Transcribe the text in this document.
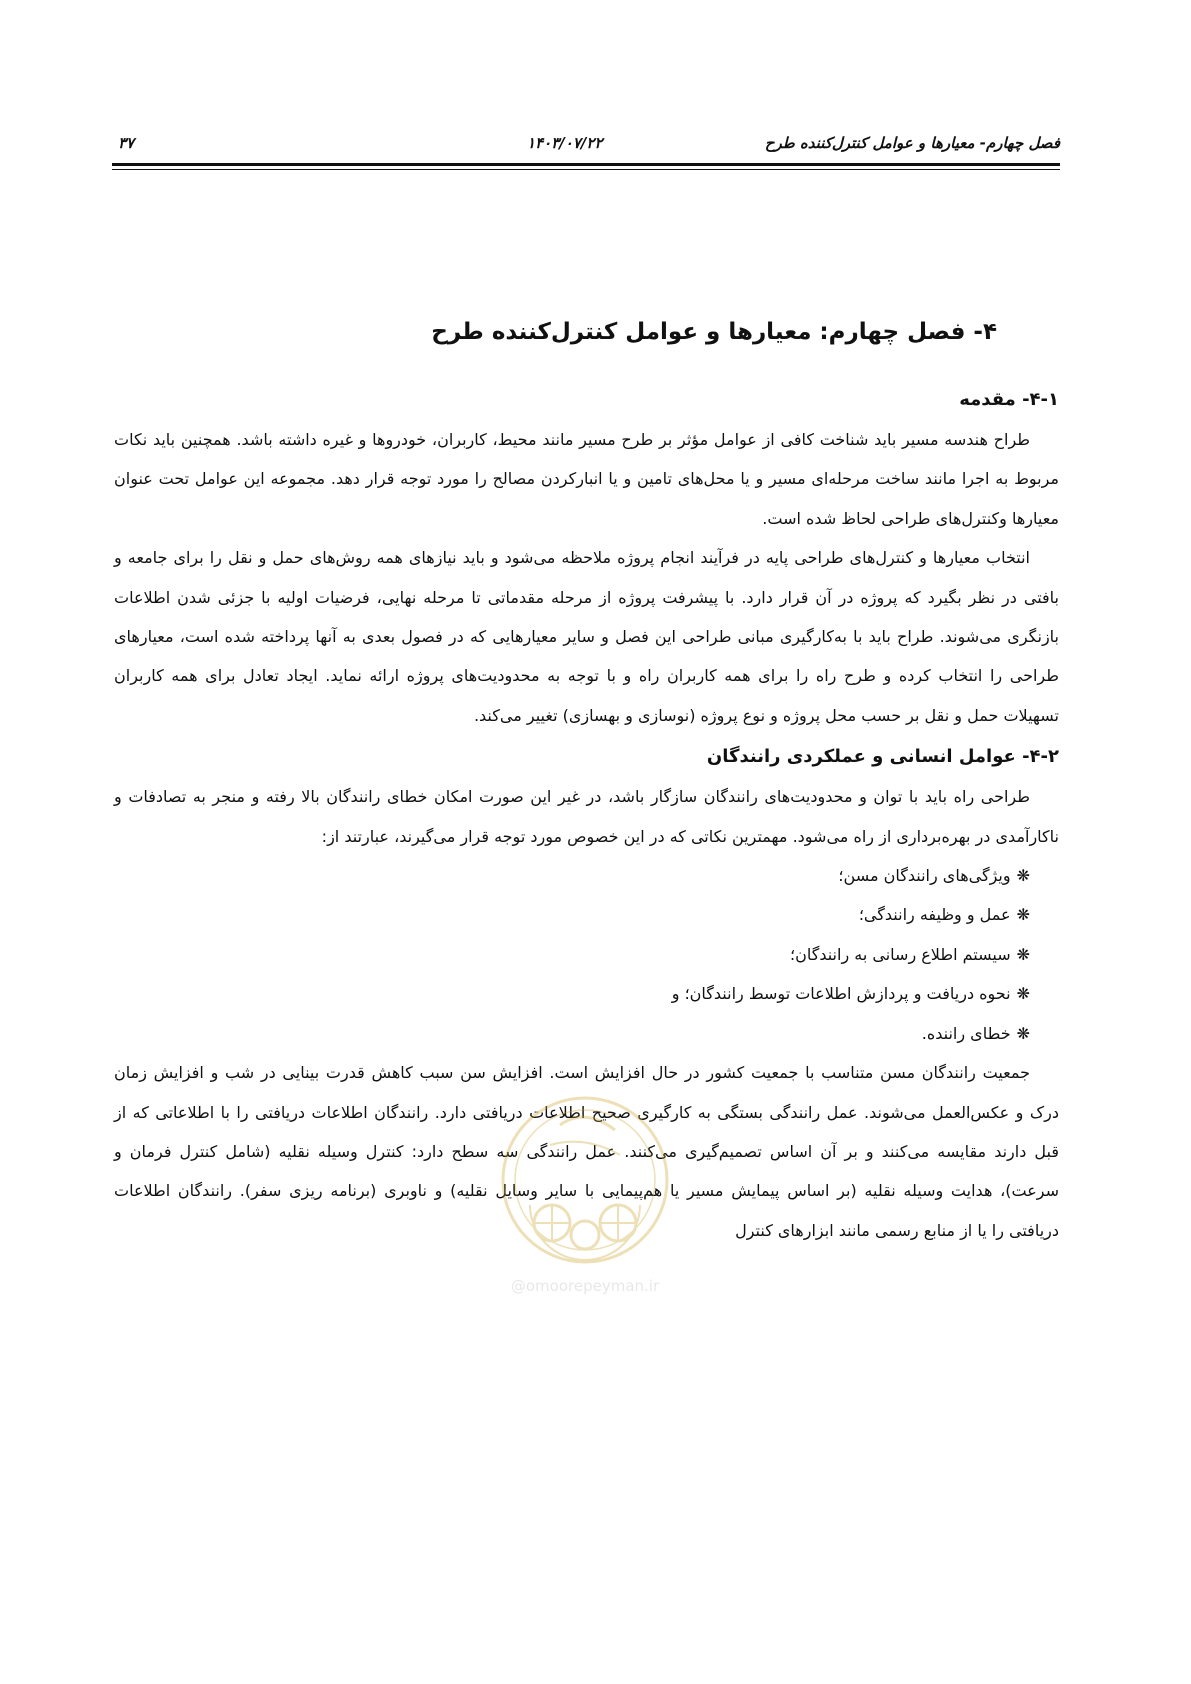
فصل چهارم- معیارها و عوامل کنترل‌کننده طرح
۱۴۰۳/۰۷/۲۲
۳۷
۴- فصل چهارم: معیارها و عوامل کنترل‌کننده طرح
۴-۱- مقدمه

طراح هندسه مسیر باید شناخت کافی از عوامل مؤثر بر طرح مسیر مانند محیط، کاربران، خودروها و غیره داشته باشد. همچنین باید نکات مربوط به اجرا مانند ساخت مرحله‌ای مسیر و یا محل‌های تامین و یا انبارکردن مصالح را مورد توجه قرار دهد. مجموعه این عوامل تحت عنوان معیارها وکنترل‌های طراحی لحاظ شده است.

انتخاب معیارها و کنترل‌های طراحی پایه در فرآیند انجام پروژه ملاحظه می‌شود و باید نیازهای همه روش‌های حمل و نقل را برای جامعه و بافتی در نظر بگیرد که پروژه در آن قرار دارد. با پیشرفت پروژه از مرحله مقدماتی تا مرحله نهایی، فرضیات اولیه با جزئی شدن اطلاعات بازنگری می‌شوند. طراح باید با به‌کارگیری مبانی طراحی این فصل و سایر معیارهایی که در فصول بعدی به آنها پرداخته شده است، معیارهای طراحی را انتخاب کرده و طرح راه را برای همه کاربران راه و با توجه به محدودیت‌های پروژه ارائه نماید. ایجاد تعادل برای همه کاربران تسهیلات حمل و نقل بر حسب محل پروژه و نوع پروژه (نوسازی و بهسازی) تغییر می‌کند.

۴-۲- عوامل انسانی و عملکردی رانندگان

طراحی راه باید با توان و محدودیت‌های رانندگان سازگار باشد، در غیر این صورت امکان خطای رانندگان بالا رفته و منجر به تصادفات و ناکارآمدی در بهره‌برداری از راه می‌شود. مهمترین نکاتی که در این خصوص مورد توجه قرار می‌گیرند، عبارتند از:

❋ویژگی‌های رانندگان مسن؛
❋عمل و وظیفه رانندگی؛
❋سیستم اطلاع رسانی به رانندگان؛
❋نحوه دریافت و پردازش اطلاعات توسط رانندگان؛ و
❋خطای راننده.

جمعیت رانندگان مسن متناسب با جمعیت کشور در حال افزایش است. افزایش سن سبب کاهش قدرت بینایی در شب و افزایش زمان درک و عکس‌العمل می‌شوند. عمل رانندگی بستگی به کارگیری صحیح اطلاعات دریافتی دارد. رانندگان اطلاعات دریافتی را با اطلاعاتی که از قبل دارند مقایسه می‌کنند و بر آن اساس تصمیم‌گیری می‌کنند. عمل رانندگی سه سطح دارد: کنترل وسیله نقلیه (شامل کنترل فرمان و سرعت)، هدایت وسیله نقلیه (بر اساس پیمایش مسیر یا هم‌پیمایی با سایر وسایل نقلیه) و ناوبری (برنامه ریزی سفر). رانندگان اطلاعات دریافتی را یا از منابع رسمی مانند ابزارهای کنترل

@omoorepeyman.ir
